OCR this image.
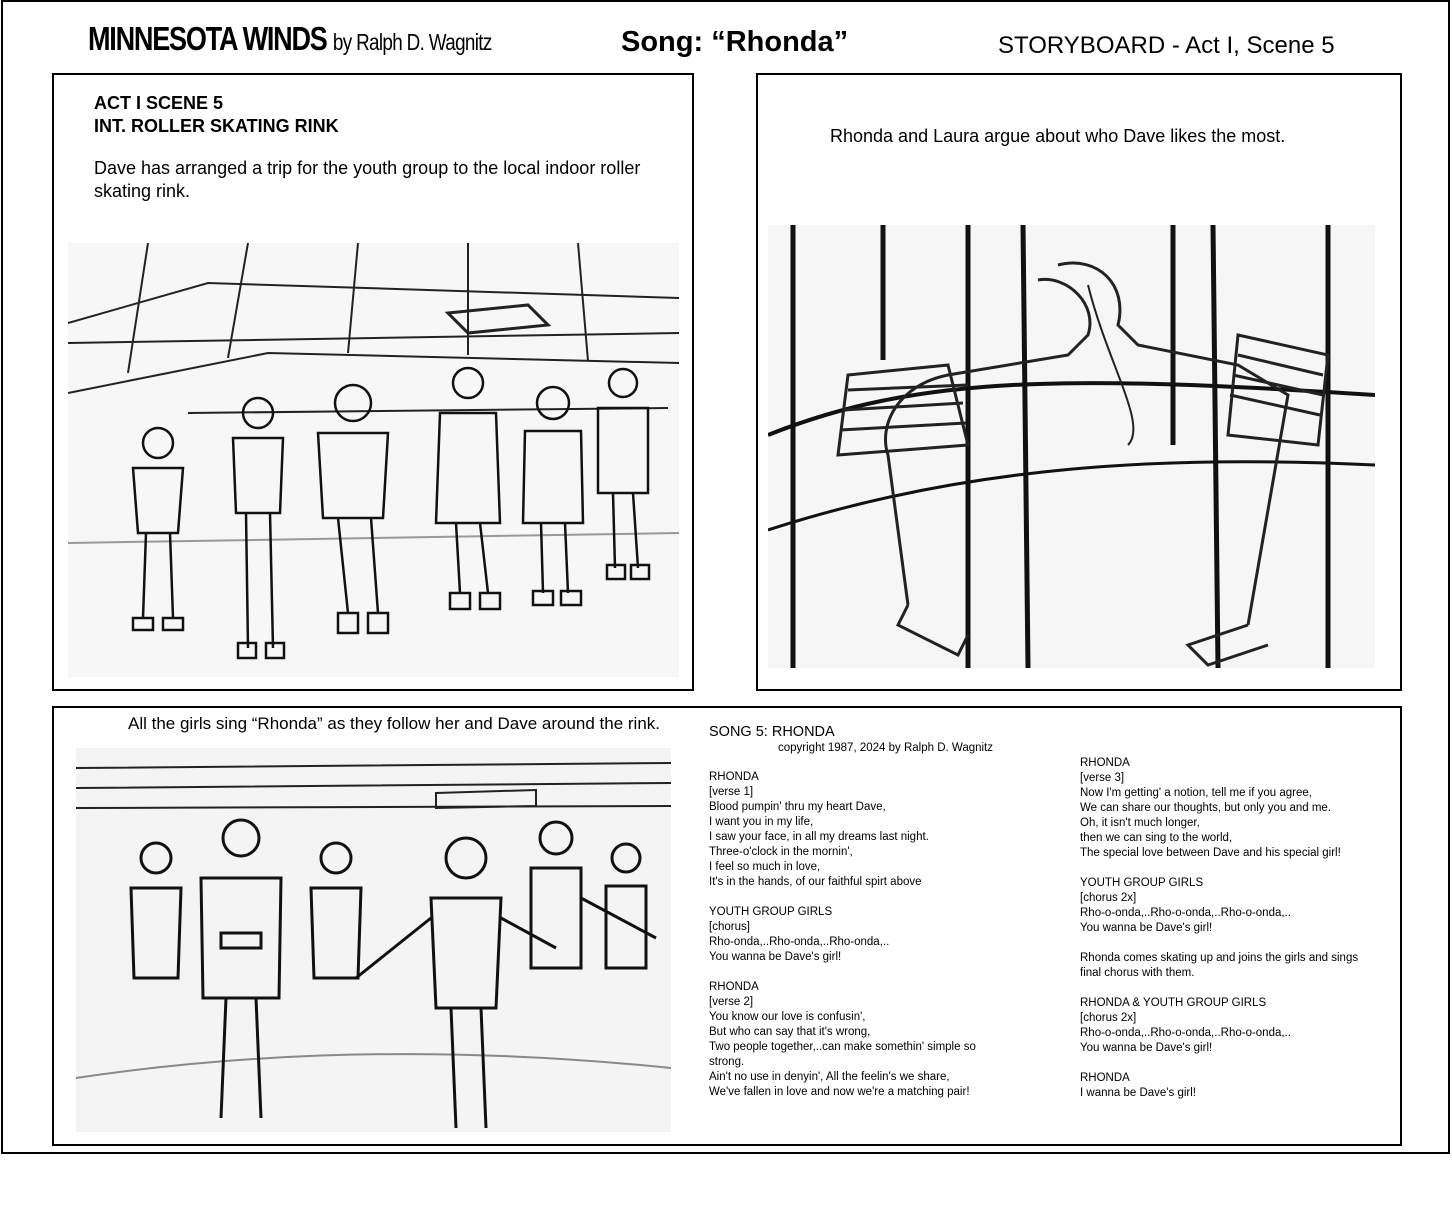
MINNESOTA WINDS by Ralph D. Wagnitz	Song: “Rhonda”	STORYBOARD - Act I, Scene 5
ACT I SCENE 5
INT. ROLLER SKATING RINK
Dave has arranged a trip for the youth group to the local indoor roller skating rink.
Rhonda and Laura argue about who Dave likes the most.
All the girls sing “Rhonda” as they follow her and Dave around the rink.	SONG 5: RHONDA
copyright 1987, 2024 by Ralph D. Wagnitz
RHONDA
[verse 1]
Blood pumpin' thru my heart Dave,
I want you in my life,
I saw your face, in all my dreams last night.
Three-o'clock in the mornin',
I feel so much in love,
It's in the hands, of our faithful spirt above
YOUTH GROUP GIRLS
[chorus]
Rho-onda,..Rho-onda,..Rho-onda,..
You wanna be Dave's girl!
RHONDA
[verse 2]
You know our love is confusin',
But who can say that it's wrong,
Two people together,..can make somethin' simple so strong.
Ain't no use in denyin', All the feelin's we share,
We've fallen in love and now we're a matching pair!
RHONDA
[verse 3]
Now I'm getting' a notion, tell me if you agree,
We can share our thoughts, but only you and me.
Oh, it isn't much longer,
then we can sing to the world,
The special love between Dave and his special girl!
YOUTH GROUP GIRLS
[chorus 2x]
Rho-o-onda,..Rho-o-onda,..Rho-o-onda,..
You wanna be Dave's girl!
Rhonda comes skating up and joins the girls and sings final chorus with them.
RHONDA & YOUTH GROUP GIRLS
[chorus 2x]
Rho-o-onda,..Rho-o-onda,..Rho-o-onda,..
You wanna be Dave's girl!
RHONDA
I wanna be Dave's girl!
